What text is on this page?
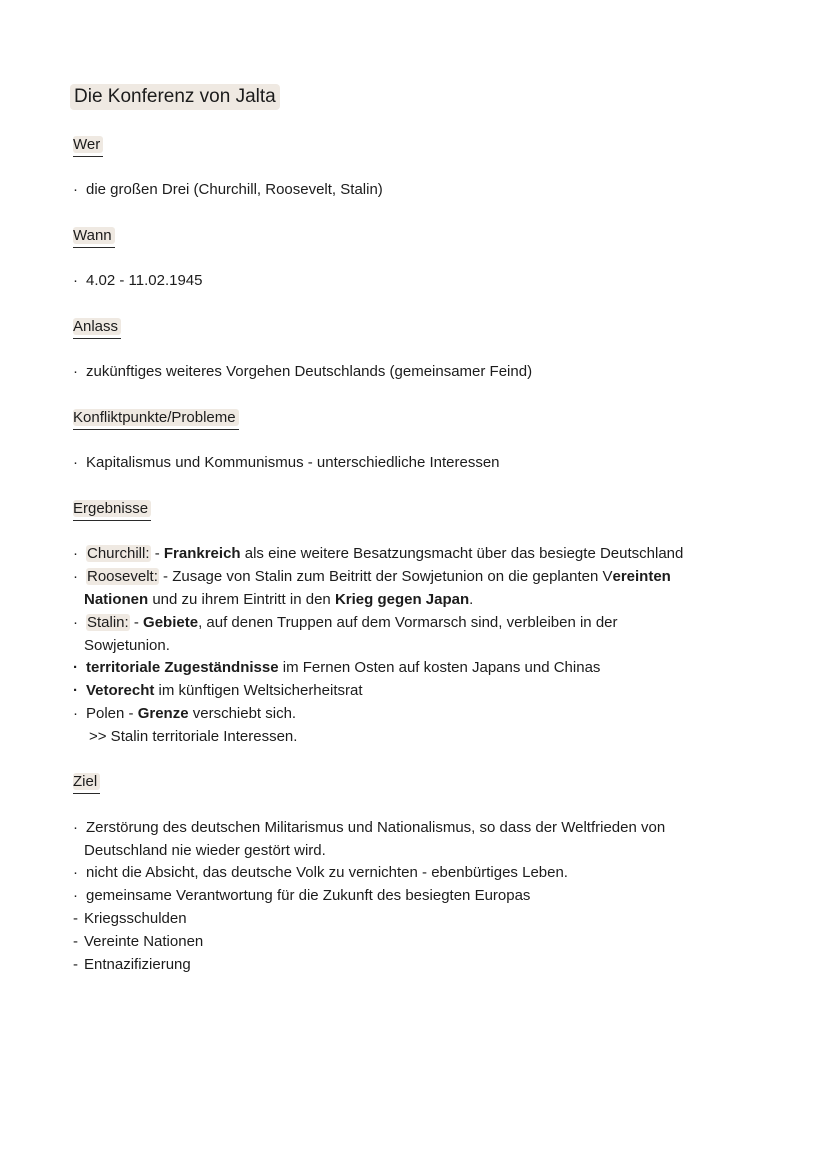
Die Konferenz von Jalta
Wer
· die großen Drei (Churchill, Roosevelt, Stalin)
Wann
· 4.02 - 11.02.1945
Anlass
· zukünftiges weiteres Vorgehen Deutschlands (gemeinsamer Feind)
Konfliktpunkte/Probleme
· Kapitalismus und Kommunismus - unterschiedliche Interessen
Ergebnisse
· Churchill: - Frankreich als eine weitere Besatzungsmacht über das besiegte Deutschland
· Roosevelt: - Zusage von Stalin zum Beitritt der Sowjetunion on die geplanten Vereinten
Nationen und zu ihrem Eintritt in den Krieg gegen Japan.
· Stalin: - Gebiete, auf denen Truppen auf dem Vormarsch sind, verbleiben in der
Sowjetunion.
· territoriale Zugeständnisse im Fernen Osten auf kosten Japans und Chinas
· Vetorecht im künftigen Weltsicherheitsrat
· Polen - Grenze verschiebt sich.
>> Stalin territoriale Interessen.
Ziel
· Zerstörung des deutschen Militarismus und Nationalismus, so dass der Weltfrieden von
Deutschland nie wieder gestört wird.
· nicht die Absicht, das deutsche Volk zu vernichten - ebenbürtiges Leben.
· gemeinsame Verantwortung für die Zukunft des besiegten Europas
- Kriegsschulden
- Vereinte Nationen
- Entnazifizierung
